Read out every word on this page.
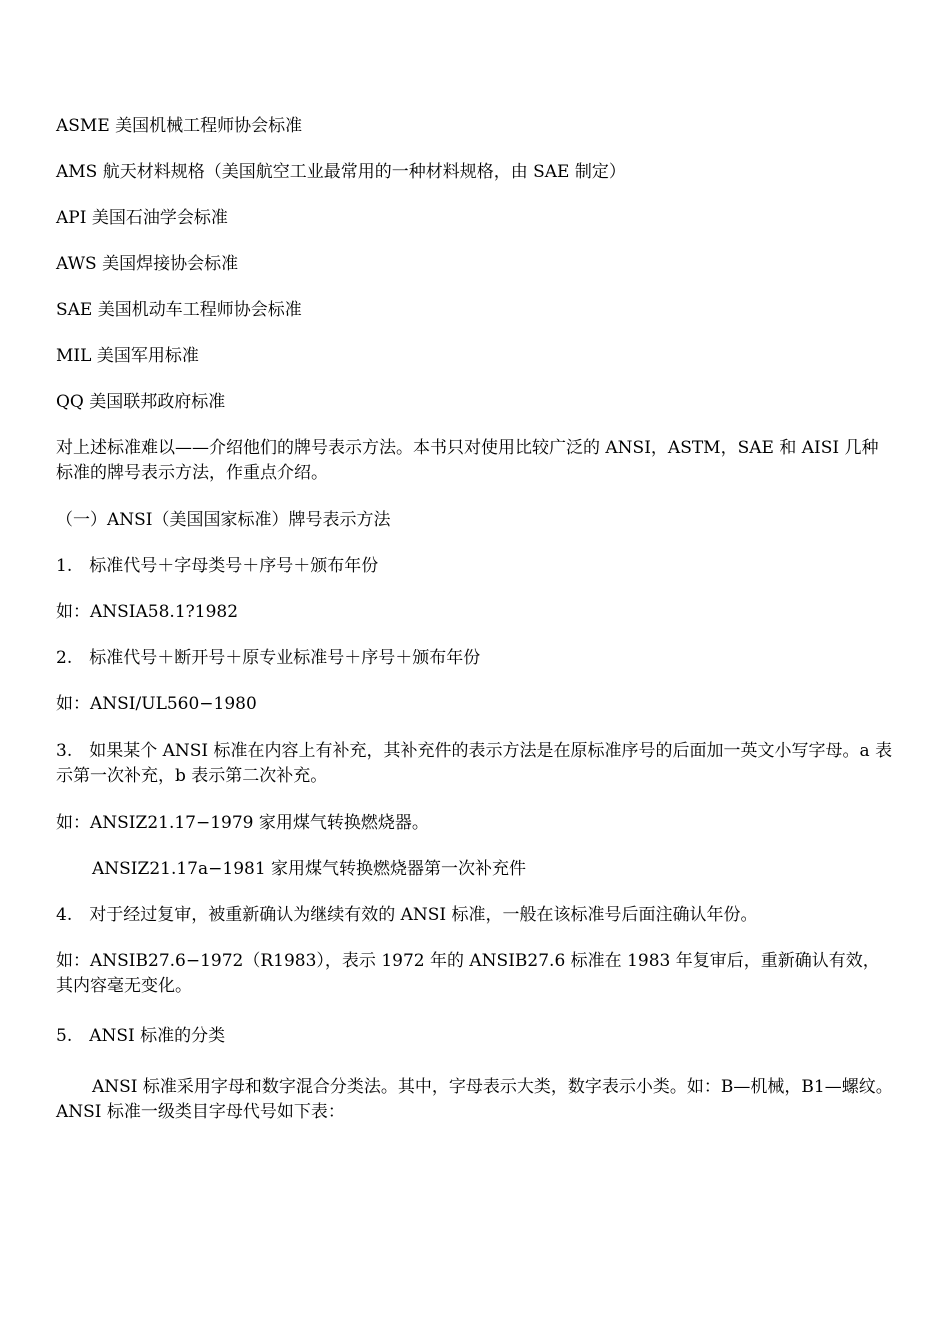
ASME 美国机械工程师协会标准

AMS 航天材料规格（美国航空工业最常用的一种材料规格，由 SAE 制定）

API 美国石油学会标准

AWS 美国焊接协会标准

SAE 美国机动车工程师协会标准

MIL 美国军用标准

QQ 美国联邦政府标准

对上述标准难以——介绍他们的牌号表示方法。本书只对使用比较广泛的 ANSI，ASTM，SAE 和 AISI 几种标准的牌号表示方法，作重点介绍。

（一）ANSI（美国国家标准）牌号表示方法

1.　标准代号＋字母类号＋序号＋颁布年份

如：ANSIA58.1?1982

2.　标准代号＋断开号＋原专业标准号＋序号＋颁布年份

如：ANSI/UL560−1980

3.　如果某个 ANSI 标准在内容上有补充，其补充件的表示方法是在原标准序号的后面加一英文小写字母。a 表示第一次补充，b 表示第二次补充。

如：ANSIZ21.17−1979 家用煤气转换燃烧器。

ANSIZ21.17a−1981 家用煤气转换燃烧器第一次补充件

4.　对于经过复审，被重新确认为继续有效的 ANSI 标准，一般在该标准号后面注确认年份。

如：ANSIB27.6−1972（R1983），表示 1972 年的 ANSIB27.6 标准在 1983 年复审后，重新确认有效，其内容毫无变化。

5.　ANSI 标准的分类

ANSI 标准采用字母和数字混合分类法。其中，字母表示大类，数字表示小类。如：B—机械，B1—螺纹。ANSI 标准一级类目字母代号如下表：
